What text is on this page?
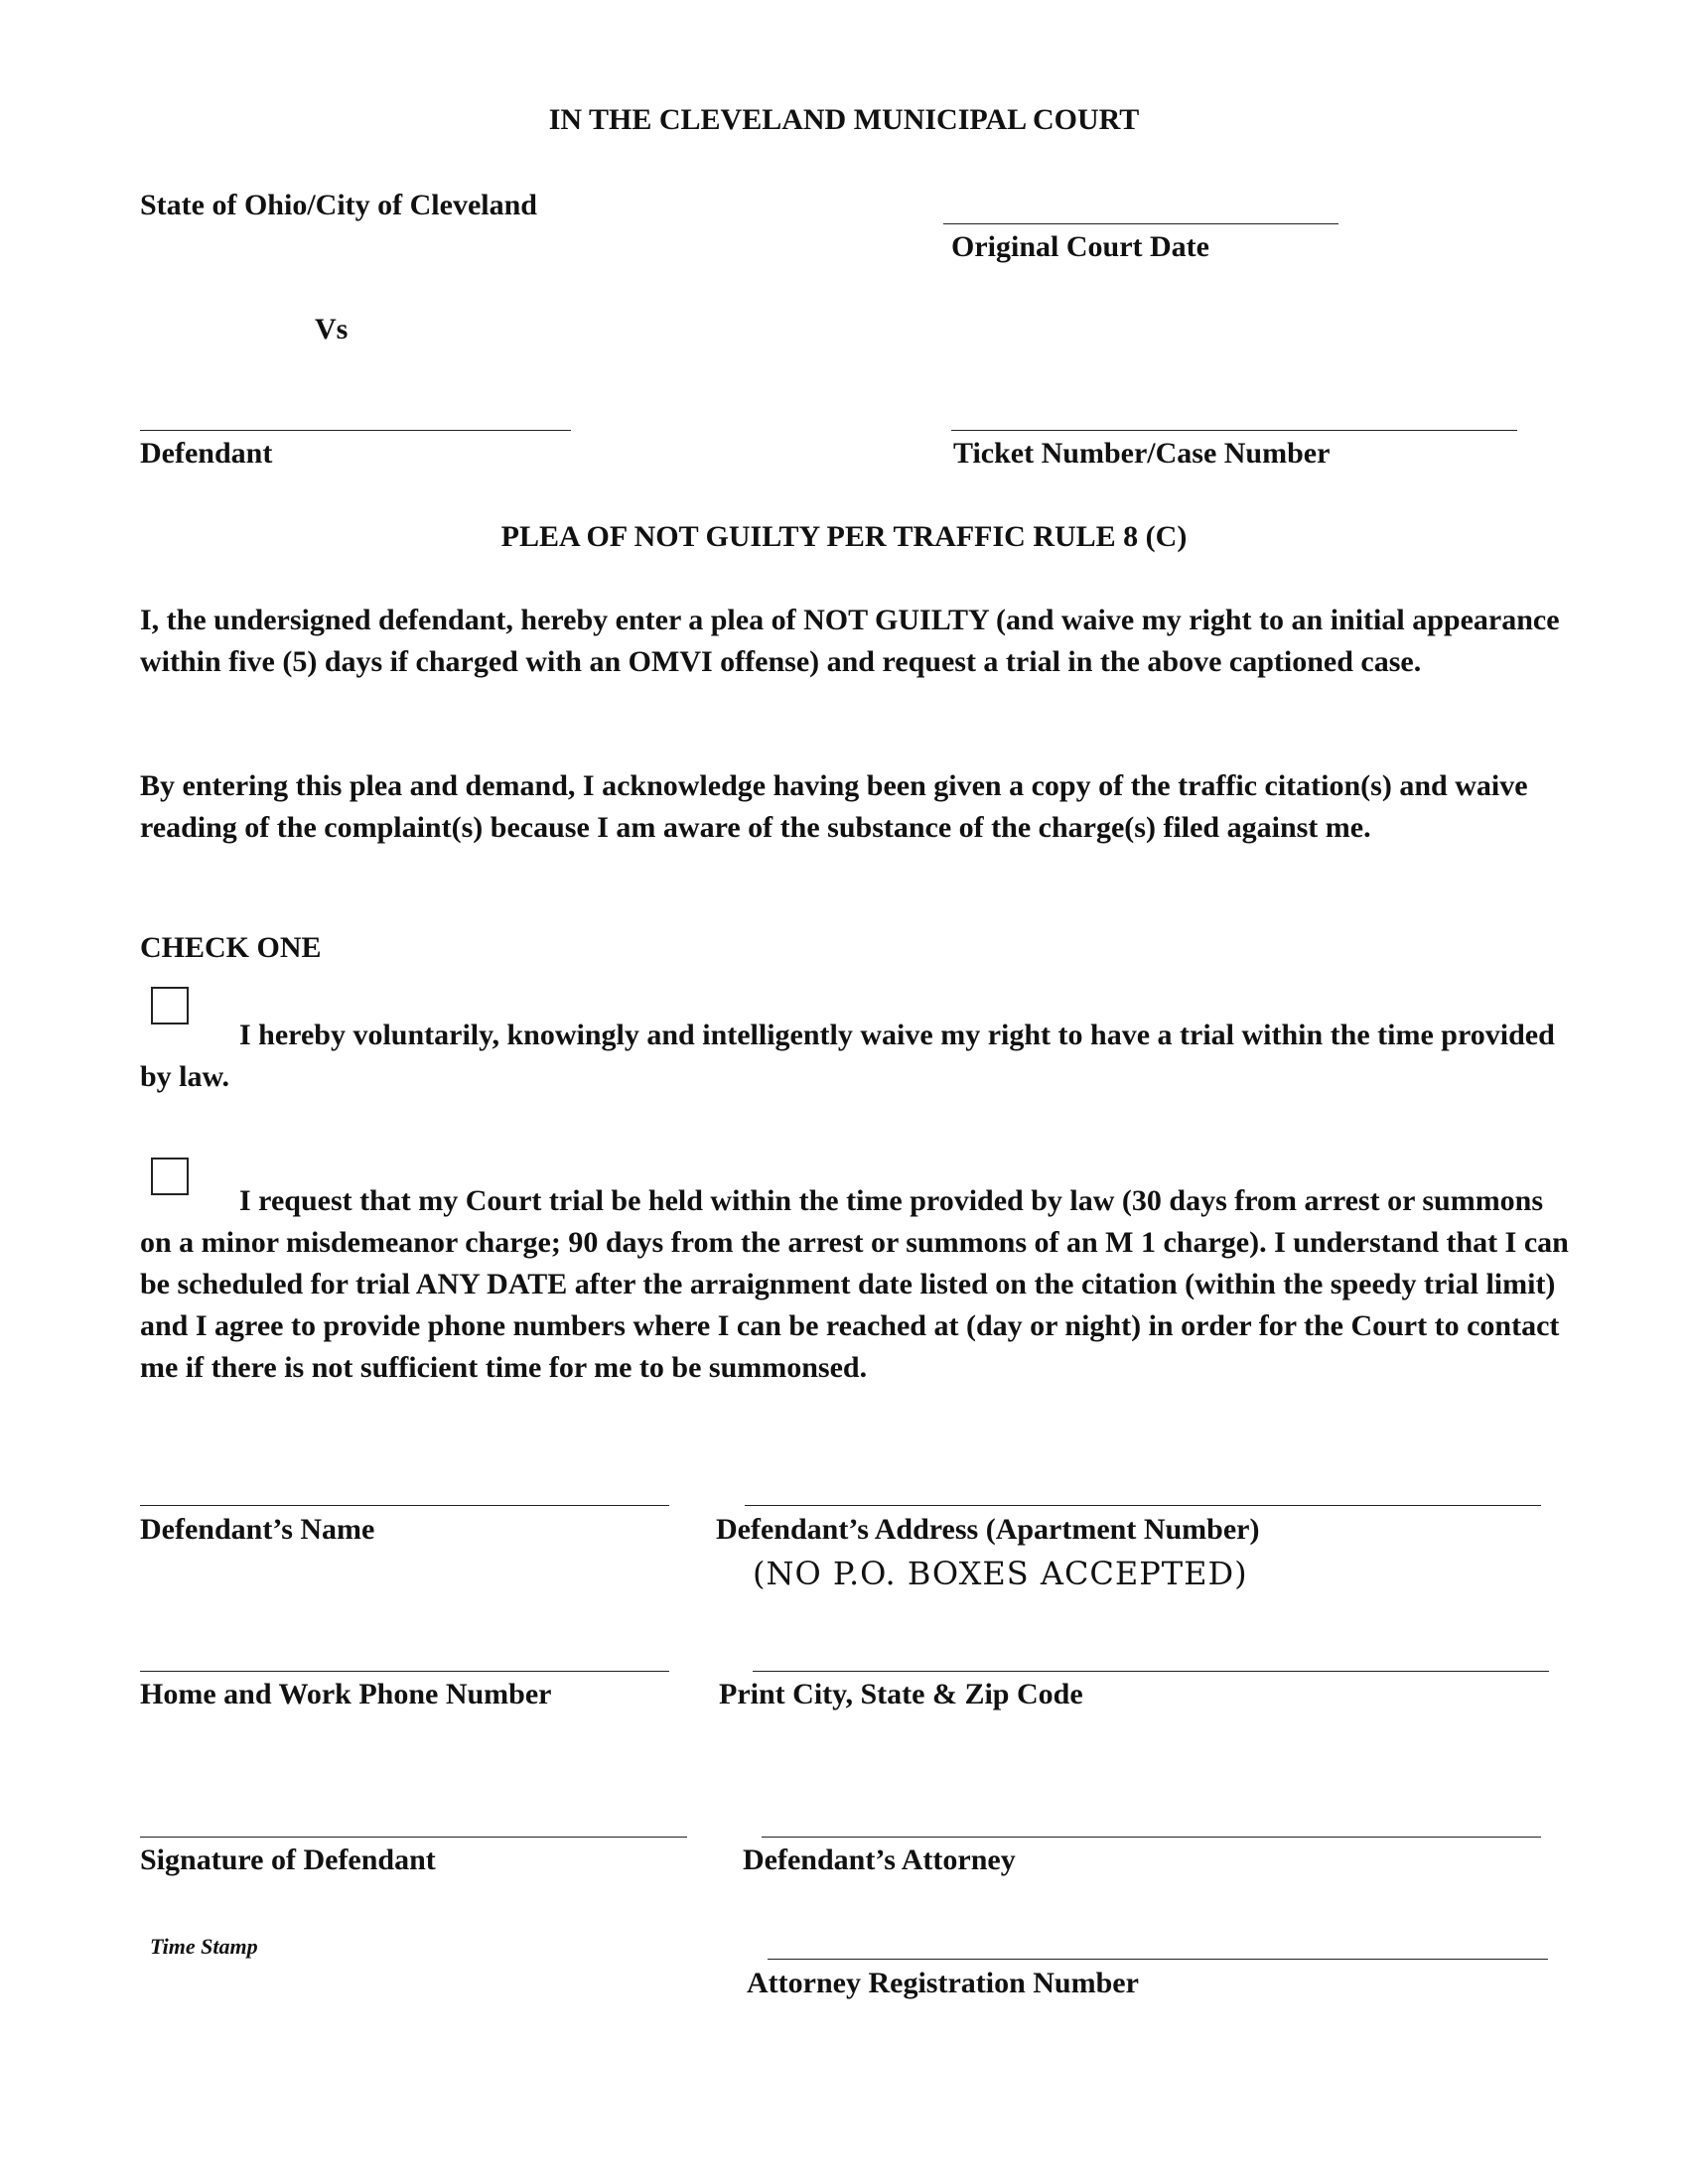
IN THE CLEVELAND MUNICIPAL COURT
State of Ohio/City of Cleveland
Original Court Date
Vs
Defendant	Ticket Number/Case Number
PLEA OF NOT GUILTY PER TRAFFIC RULE 8 (C)
I, the undersigned defendant, hereby enter a plea of NOT GUILTY (and waive my right to an initial appearance within five (5) days if charged with an OMVI offense) and request a trial in the above captioned case.
By entering this plea and demand, I acknowledge having been given a copy of the traffic citation(s) and waive reading of the complaint(s) because I am aware of the substance of the charge(s) filed against me.
CHECK ONE
I hereby voluntarily, knowingly and intelligently waive my right to have a trial within the time provided by law.
I request that my Court trial be held within the time provided by law (30 days from arrest or summons on a minor misdemeanor charge; 90 days from the arrest or summons of an M 1 charge). I understand that I can be scheduled for trial ANY DATE after the arraignment date listed on the citation (within the speedy trial limit) and I agree to provide phone numbers where I can be reached at (day or night) in order for the Court to contact me if there is not sufficient time for me to be summonsed.
Defendant’s Name	Defendant’s Address (Apartment Number)
(NO P.O. BOXES ACCEPTED)
Home and Work Phone Number	Print City, State & Zip Code
Signature of Defendant	Defendant’s Attorney
Time Stamp
Attorney Registration Number
